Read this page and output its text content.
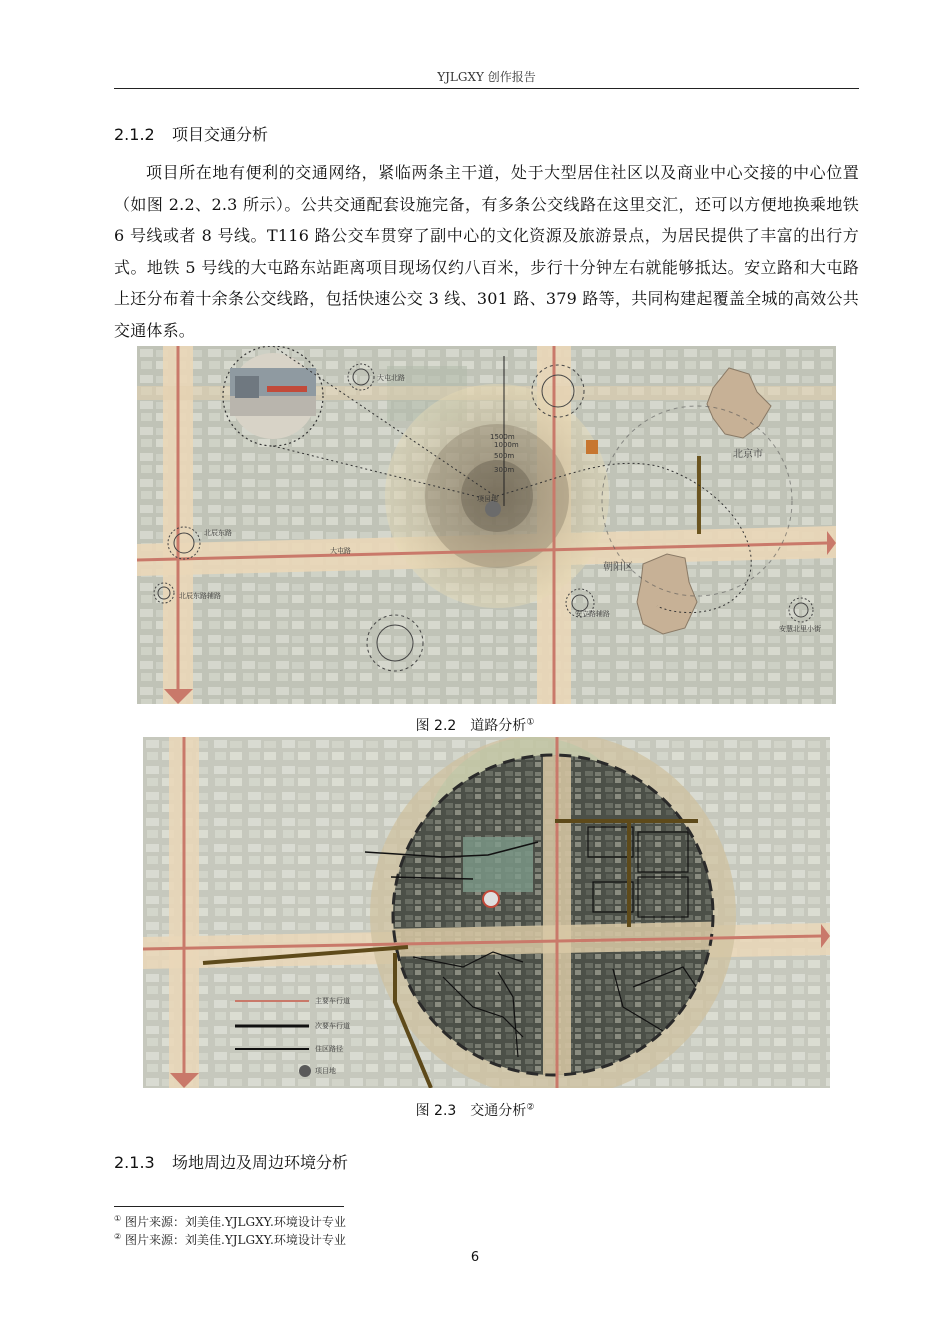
YJLGXY 创作报告
2.1.2 项目交通分析
项目所在地有便利的交通网络，紧临两条主干道，处于大型居住社区以及商业中心交接的中心位置（如图 2.2、2.3 所示）。公共交通配套设施完备，有多条公交线路在这里交汇，还可以方便地换乘地铁 6 号线或者 8 号线。T116 路公交车贯穿了副中心的文化资源及旅游景点，为居民提供了丰富的出行方式。地铁 5 号线的大屯路东站距离项目现场仅约八百米，步行十分钟左右就能够抵达。安立路和大屯路上还分布着十余条公交线路，包括快速公交 3 线、301 路、379 路等，共同构建起覆盖全城的高效公共交通体系。
大屯北路
大屯路
北辰东路
北辰东路辅路
安立路辅路
安慧北里小街
项目地
1500m
1000m
500m
300m
北京市
朝阳区
图 2.2　道路分析①
主要车行道
次要车行道
住区路径
项目地
图 2.3　交通分析②
2.1.3 场地周边及周边环境分析
① 图片来源：刘美佳.YJLGXY.环境设计专业
② 图片来源：刘美佳.YJLGXY.环境设计专业
6
